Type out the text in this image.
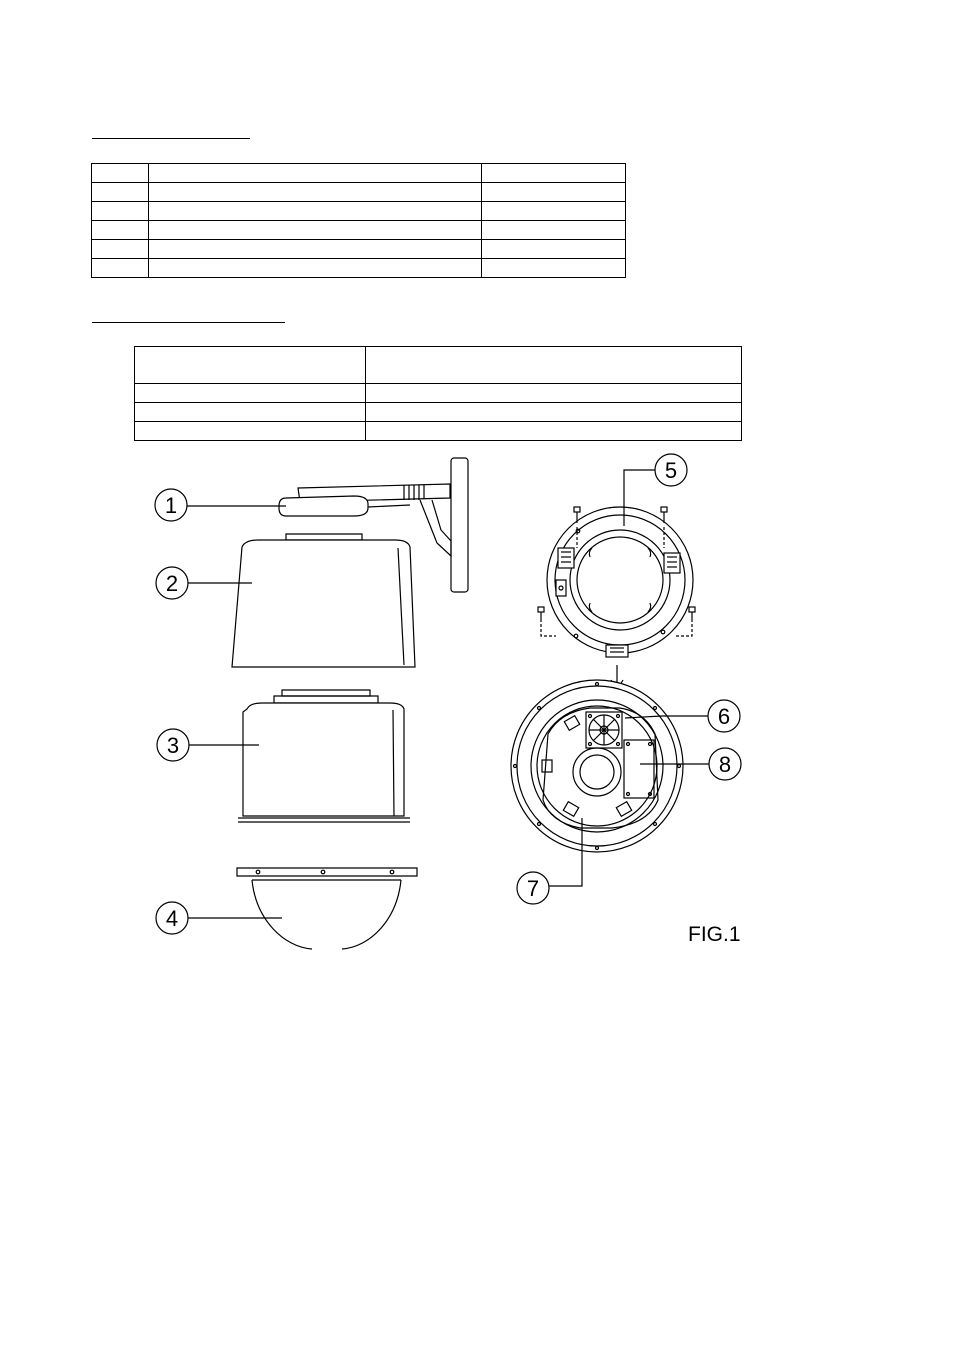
1
2
3
4
5
6
7
8
FIG.1
